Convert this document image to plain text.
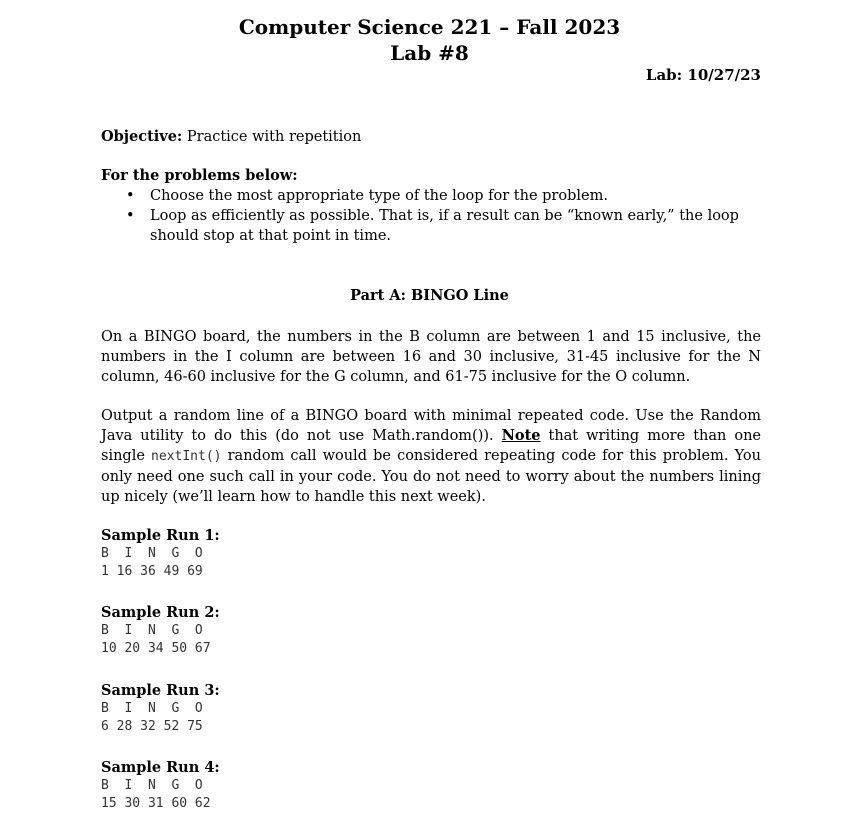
Computer Science 221 – Fall 2023
Lab #8
Lab: 10/27/23
Objective: Practice with repetition
For the problems below:
• Choose the most appropriate type of the loop for the problem.
• Loop as efficiently as possible. That is, if a result can be “known early,” the loop should stop at that point in time.
Part A: BINGO Line
On a BINGO board, the numbers in the B column are between 1 and 15 inclusive, the numbers in the I column are between 16 and 30 inclusive, 31-45 inclusive for the N column, 46-60 inclusive for the G column, and 61-75 inclusive for the O column.
Output a random line of a BINGO board with minimal repeated code. Use the Random Java utility to do this (do not use Math.random()). Note that writing more than one single nextInt() random call would be considered repeating code for this problem. You only need one such call in your code. You do not need to worry about the numbers lining up nicely (we’ll learn how to handle this next week).
Sample Run 1:
B  I  N  G  O
1 16 36 49 69
Sample Run 2:
B  I  N  G  O
10 20 34 50 67
Sample Run 3:
B  I  N  G  O
6 28 32 52 75
Sample Run 4:
B  I  N  G  O
15 30 31 60 62
